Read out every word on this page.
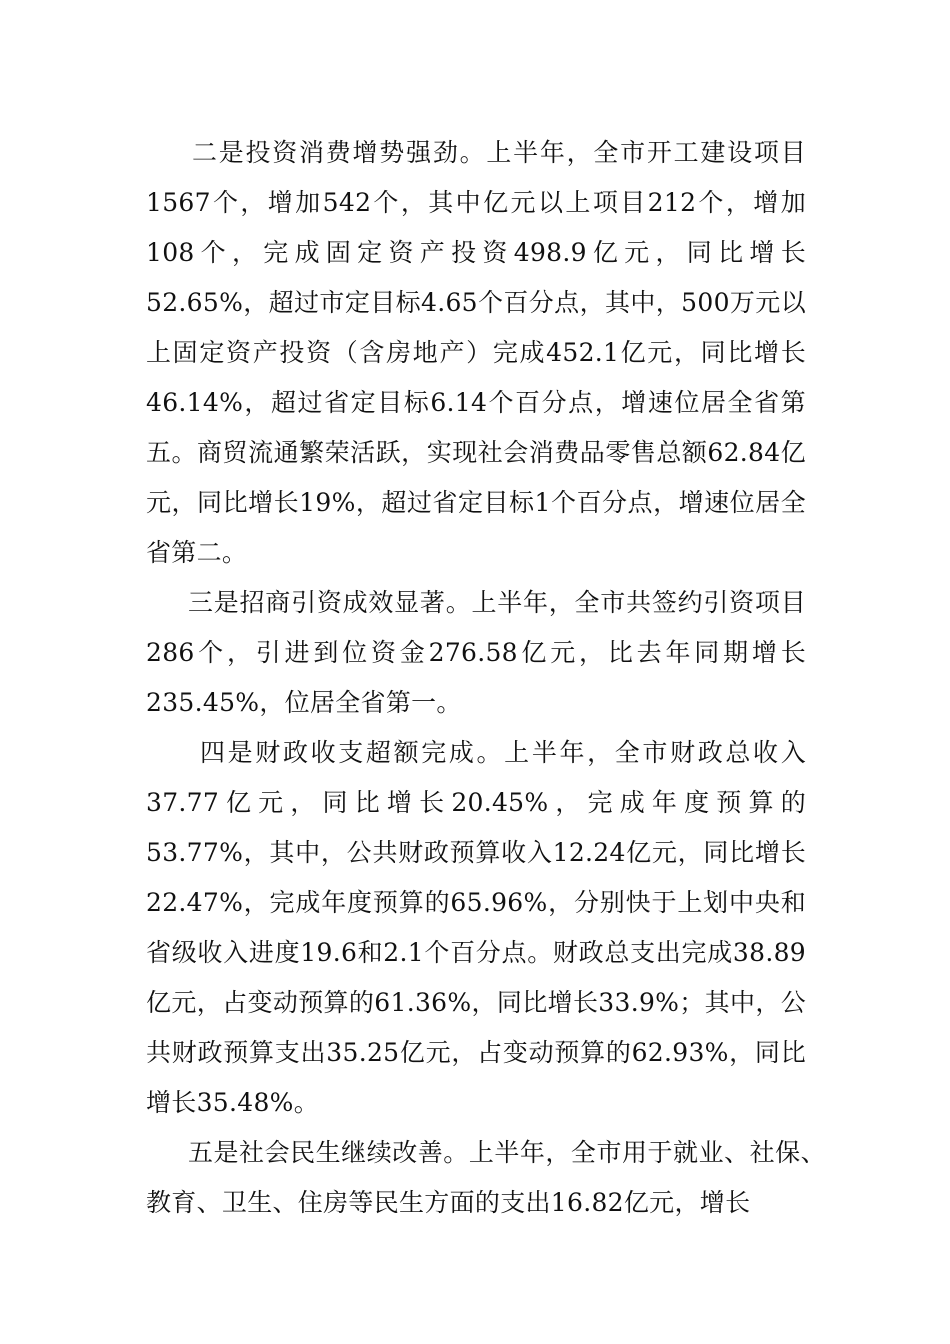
二是投资消费增势强劲。上半年，全市开工建设项目1567个，增加542个，其中亿元以上项目212个，增加108个，完成固定资产投资498.9亿元，同比增长52.65%，超过市定目标4.65个百分点，其中，500万元以上固定资产投资（含房地产）完成452.1亿元，同比增长46.14%，超过省定目标6.14个百分点，增速位居全省第五。商贸流通繁荣活跃，实现社会消费品零售总额62.84亿元，同比增长19%，超过省定目标1个百分点，增速位居全省第二。

三是招商引资成效显著。上半年，全市共签约引资项目286个，引进到位资金276.58亿元，比去年同期增长235.45%，位居全省第一。

四是财政收支超额完成。上半年，全市财政总收入37.77亿元，同比增长20.45%，完成年度预算的53.77%，其中，公共财政预算收入12.24亿元，同比增长22.47%，完成年度预算的65.96%，分别快于上划中央和省级收入进度19.6和2.1个百分点。财政总支出完成38.89亿元，占变动预算的61.36%，同比增长33.9%；其中，公共财政预算支出35.25亿元，占变动预算的62.93%，同比增长35.48%。

五是社会民生继续改善。上半年，全市用于就业、社保、教育、卫生、住房等民生方面的支出16.82亿元，增长
